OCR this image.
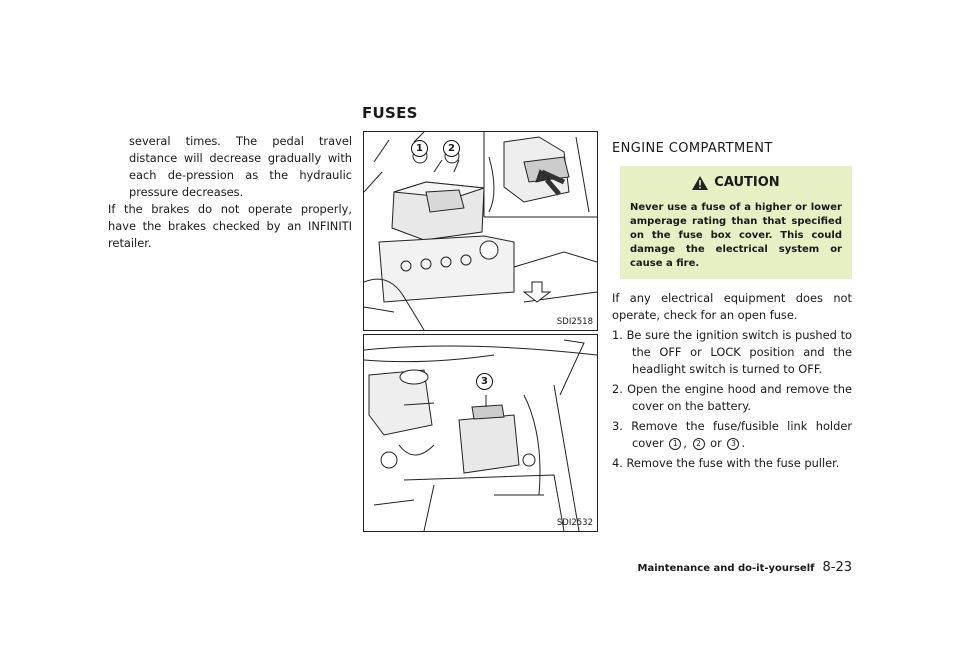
FUSES

several times. The pedal travel distance will decrease gradually with each de-pression as the hydraulic pressure decreases.

If the brakes do not operate properly, have the brakes checked by an INFINITI retailer.

SDI2518
SDI2532
1	2
3
ENGINE COMPARTMENT
CAUTION
Never use a fuse of a higher or lower amperage rating than that specified on the fuse box cover. This could damage the electrical system or cause a fire.

If any electrical equipment does not operate, check for an open fuse.

1. Be sure the ignition switch is pushed to the OFF or LOCK position and the headlight switch is turned to OFF.

2. Open the engine hood and remove the cover on the battery.

3. Remove the fuse/fusible link holder cover 1 , 2 or 3 .

4. Remove the fuse with the fuse puller.

Maintenance and do-it-yourself 8-23
